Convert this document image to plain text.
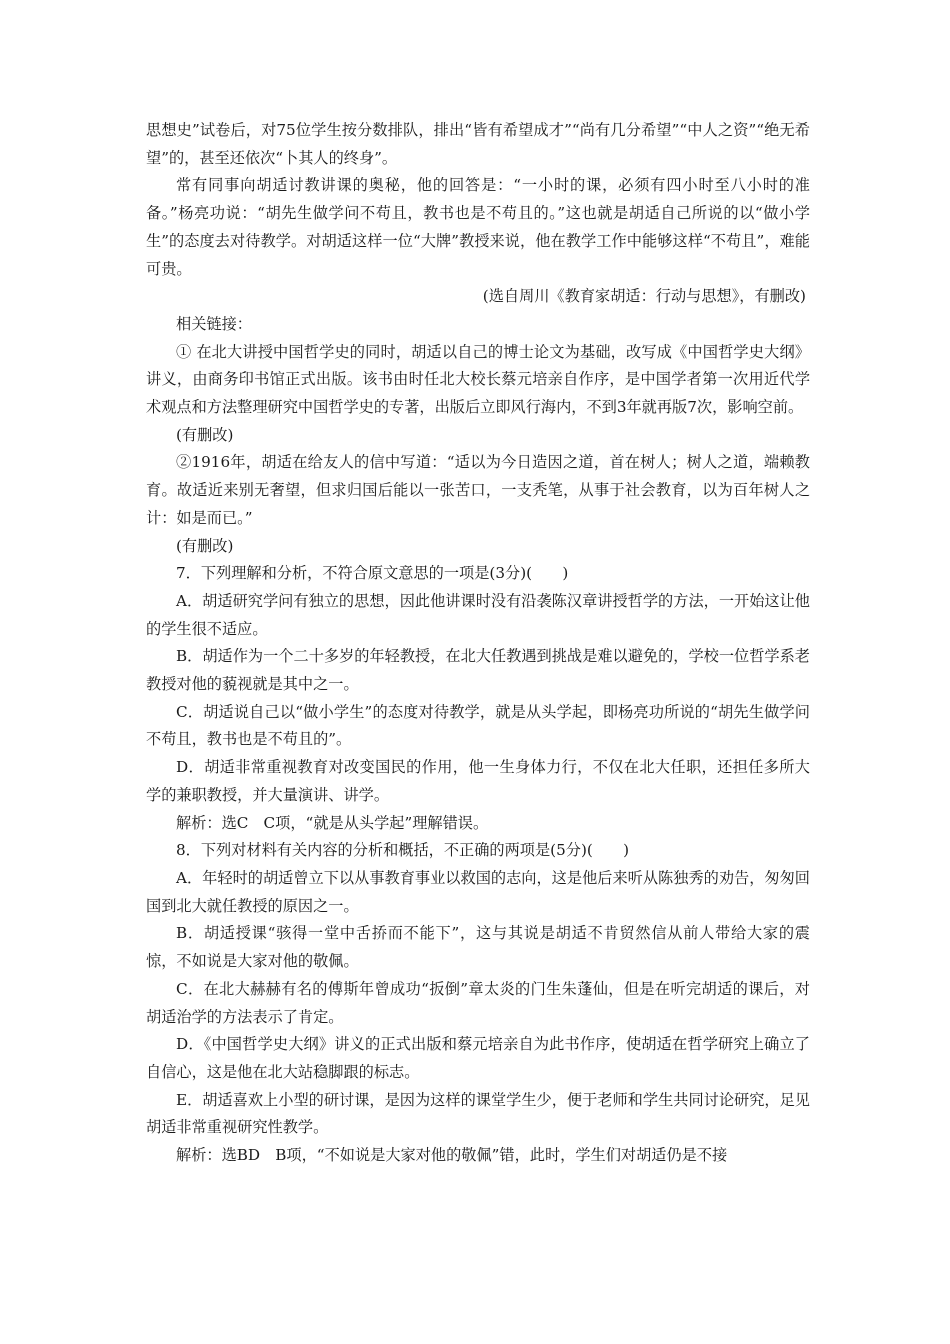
思想史”试卷后，对75位学生按分数排队，排出“皆有希望成才”“尚有几分希望”“中人之资”“绝无希望”的，甚至还依次“卜其人的终身”。

常有同事向胡适讨教讲课的奥秘，他的回答是：“一小时的课，必须有四小时至八小时的准备。”杨亮功说：“胡先生做学问不苟且，教书也是不苟且的。”这也就是胡适自己所说的以“做小学生”的态度去对待教学。对胡适这样一位“大牌”教授来说，他在教学工作中能够这样“不苟且”，难能可贵。

(选自周川《教育家胡适：行动与思想》，有删改)

相关链接：

① 在北大讲授中国哲学史的同时，胡适以自己的博士论文为基础，改写成《中国哲学史大纲》讲义，由商务印书馆正式出版。该书由时任北大校长蔡元培亲自作序，是中国学者第一次用近代学术观点和方法整理研究中国哲学史的专著，出版后立即风行海内，不到3年就再版7次，影响空前。

(有删改)

②1916年，胡适在给友人的信中写道：“适以为今日造因之道，首在树人；树人之道，端赖教育。故适近来别无奢望，但求归国后能以一张苦口，一支秃笔，从事于社会教育，以为百年树人之计：如是而已。”

(有删改)

7．下列理解和分析，不符合原文意思的一项是(3分)(　　)

A．胡适研究学问有独立的思想，因此他讲课时没有沿袭陈汉章讲授哲学的方法，一开始这让他的学生很不适应。

B．胡适作为一个二十多岁的年轻教授，在北大任教遇到挑战是难以避免的，学校一位哲学系老教授对他的藐视就是其中之一。

C．胡适说自己以“做小学生”的态度对待教学，就是从头学起，即杨亮功所说的“胡先生做学问不苟且，教书也是不苟且的”。

D．胡适非常重视教育对改变国民的作用，他一生身体力行，不仅在北大任职，还担任多所大学的兼职教授，并大量演讲、讲学。

解析：选C　C项，“就是从头学起”理解错误。

8．下列对材料有关内容的分析和概括，不正确的两项是(5分)(　　)

A．年轻时的胡适曾立下以从事教育事业以救国的志向，这是他后来听从陈独秀的劝告，匆匆回国到北大就任教授的原因之一。

B．胡适授课“骇得一堂中舌挢而不能下”，这与其说是胡适不肯贸然信从前人带给大家的震惊，不如说是大家对他的敬佩。

C．在北大赫赫有名的傅斯年曾成功“扳倒”章太炎的门生朱蓬仙，但是在听完胡适的课后，对胡适治学的方法表示了肯定。

D．《中国哲学史大纲》讲义的正式出版和蔡元培亲自为此书作序，使胡适在哲学研究上确立了自信心，这是他在北大站稳脚跟的标志。

E．胡适喜欢上小型的研讨课，是因为这样的课堂学生少，便于老师和学生共同讨论研究，足见胡适非常重视研究性教学。

解析：选BD　B项，“不如说是大家对他的敬佩”错，此时，学生们对胡适仍是不接
